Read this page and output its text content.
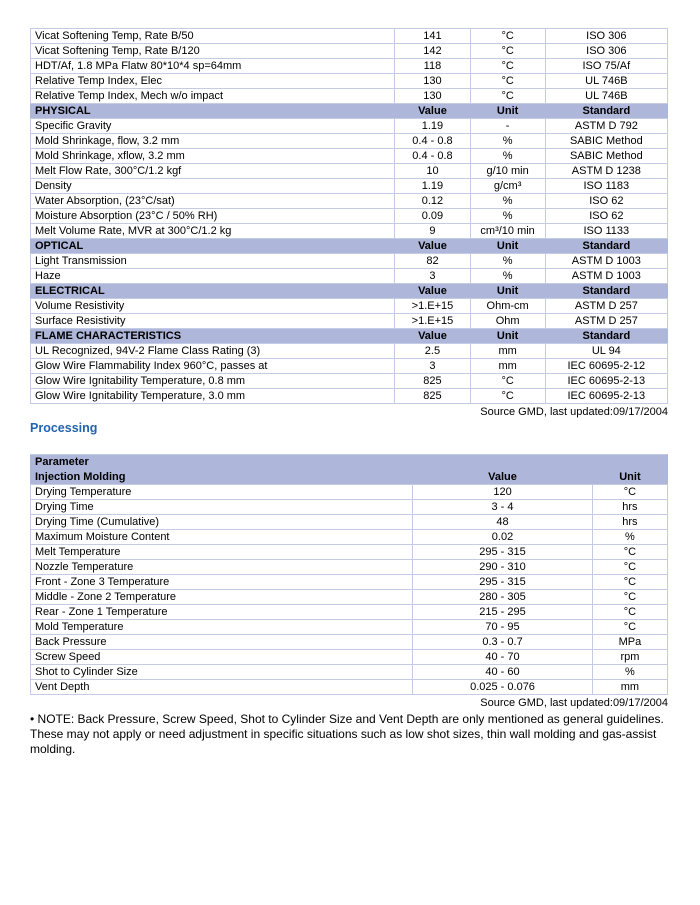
Vicat Softening Temp, Rate B/50	141	°C	ISO 306
Vicat Softening Temp, Rate B/120	142	°C	ISO 306
HDT/Af, 1.8 MPa Flatw 80*10*4 sp=64mm	118	°C	ISO 75/Af
Relative Temp Index, Elec	130	°C	UL 746B
Relative Temp Index, Mech w/o impact	130	°C	UL 746B
PHYSICAL	Value	Unit	Standard
Specific Gravity	1.19	-	ASTM D 792
Mold Shrinkage, flow, 3.2 mm	0.4 - 0.8	%	SABIC Method
Mold Shrinkage, xflow, 3.2 mm	0.4 - 0.8	%	SABIC Method
Melt Flow Rate, 300°C/1.2 kgf	10	g/10 min	ASTM D 1238
Density	1.19	g/cm³	ISO 1183
Water Absorption, (23°C/sat)	0.12	%	ISO 62
Moisture Absorption (23°C / 50% RH)	0.09	%	ISO 62
Melt Volume Rate, MVR at 300°C/1.2 kg	9	cm³/10 min	ISO 1133
OPTICAL	Value	Unit	Standard
Light Transmission	82	%	ASTM D 1003
Haze	3	%	ASTM D 1003
ELECTRICAL	Value	Unit	Standard
Volume Resistivity	>1.E+15	Ohm-cm	ASTM D 257
Surface Resistivity	>1.E+15	Ohm	ASTM D 257
FLAME CHARACTERISTICS	Value	Unit	Standard
UL Recognized, 94V-2 Flame Class Rating (3)	2.5	mm	UL 94
Glow Wire Flammability Index 960°C, passes at	3	mm	IEC 60695-2-12
Glow Wire Ignitability Temperature, 0.8 mm	825	°C	IEC 60695-2-13
Glow Wire Ignitability Temperature, 3.0 mm	825	°C	IEC 60695-2-13
Source GMD, last updated:09/17/2004
Processing
Parameter		
Injection Molding	Value	Unit
Drying Temperature	120	°C
Drying Time	3 - 4	hrs
Drying Time (Cumulative)	48	hrs
Maximum Moisture Content	0.02	%
Melt Temperature	295 - 315	°C
Nozzle Temperature	290 - 310	°C
Front - Zone 3 Temperature	295 - 315	°C
Middle - Zone 2 Temperature	280 - 305	°C
Rear - Zone 1 Temperature	215 - 295	°C
Mold Temperature	70 - 95	°C
Back Pressure	0.3 - 0.7	MPa
Screw Speed	40 - 70	rpm
Shot to Cylinder Size	40 - 60	%
Vent Depth	0.025 - 0.076	mm
Source GMD, last updated:09/17/2004

• NOTE: Back Pressure, Screw Speed, Shot to Cylinder Size and Vent Depth are only mentioned as general guidelines. These may not apply or need adjustment in specific situations such as low shot sizes, thin wall molding and gas-assist molding.
